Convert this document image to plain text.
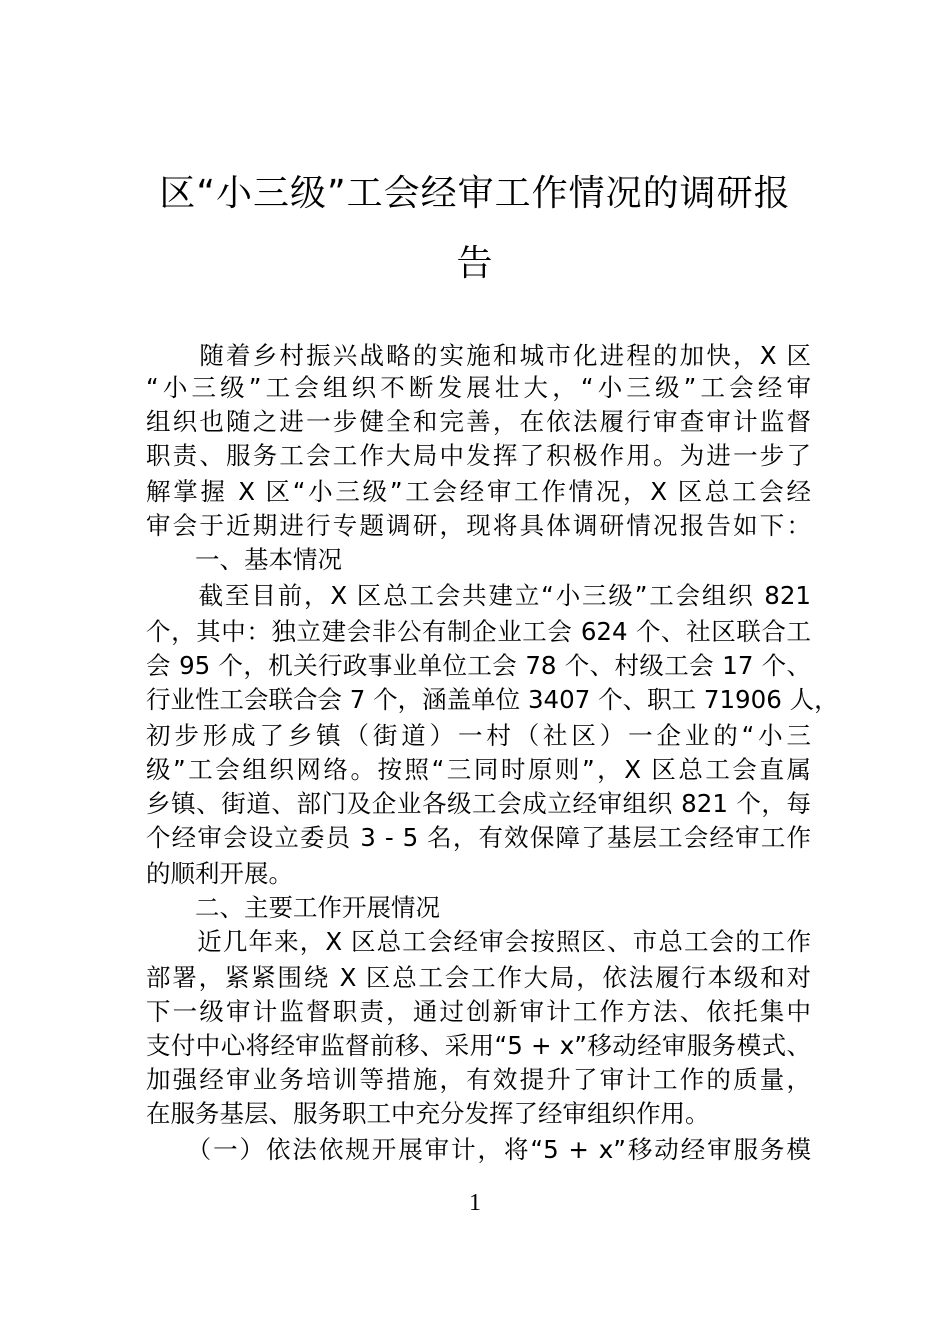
区“小三级”工会经审工作情况的调研报
告
　　随着乡村振兴战略的实施和城市化进程的加快，X 区
“小三级”工会组织不断发展壮大，“小三级”工会经审
组织也随之进一步健全和完善，在依法履行审查审计监督
职责、服务工会工作大局中发挥了积极作用。为进一步了
解掌握 X 区“小三级”工会经审工作情况，X 区总工会经
审会于近期进行专题调研，现将具体调研情况报告如下：
　　一、基本情况
　　截至目前，X 区总工会共建立“小三级”工会组织 821
个，其中：独立建会非公有制企业工会 624 个、社区联合工
会 95 个，机关行政事业单位工会 78 个、村级工会 17 个、
行业性工会联合会 7 个，涵盖单位 3407 个、职工 71906 人，
初步形成了乡镇（街道）一村（社区）一企业的“小三
级”工会组织网络。按照“三同时原则”，X 区总工会直属
乡镇、街道、部门及企业各级工会成立经审组织 821 个，每
个经审会设立委员 3 - 5 名，有效保障了基层工会经审工作
的顺利开展。
　　二、主要工作开展情况
　　近几年来，X 区总工会经审会按照区、市总工会的工作
部署，紧紧围绕 X 区总工会工作大局，依法履行本级和对
下一级审计监督职责，通过创新审计工作方法、依托集中
支付中心将经审监督前移、采用“5 + x”移动经审服务模式、
加强经审业务培训等措施，有效提升了审计工作的质量，
在服务基层、服务职工中充分发挥了经审组织作用。
　　（一）依法依规开展审计，将“5 + x”移动经审服务模
1
